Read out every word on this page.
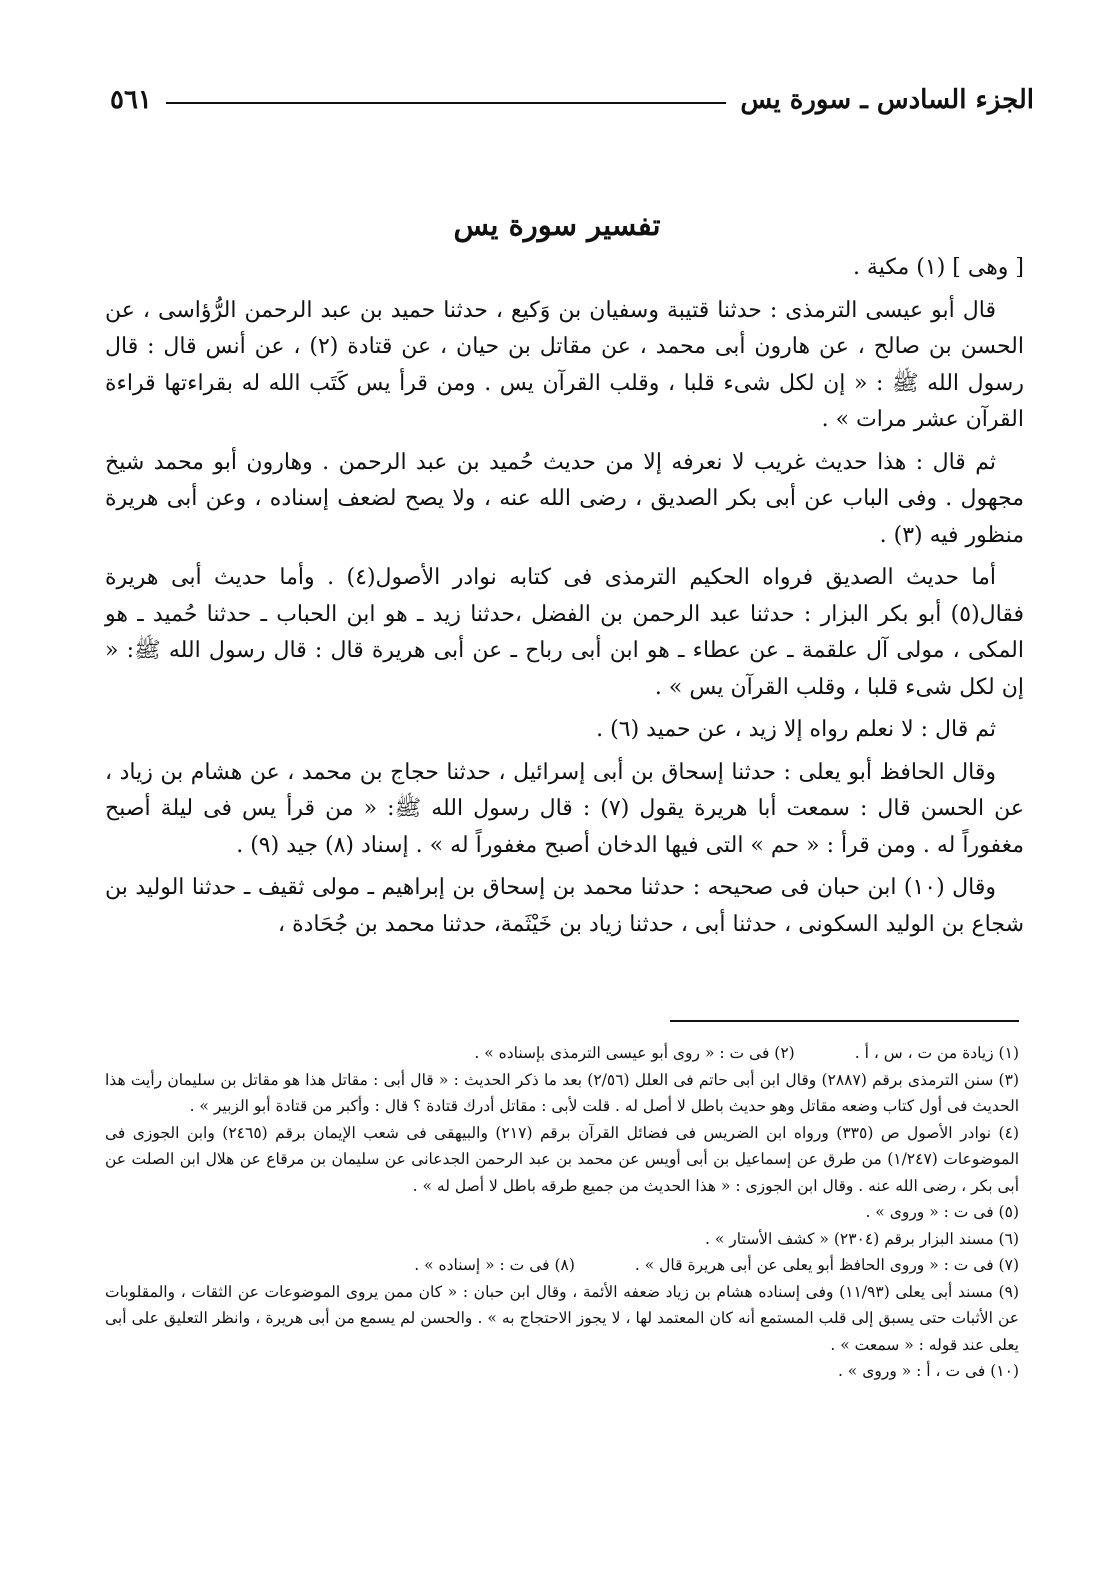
الجزء السادس ـ سورة يس
٥٦١
تفسير سورة يس

[ وهى ] (١) مكية .

قال أبو عيسى الترمذى : حدثنا قتيبة وسفيان بن وَكيع ، حدثنا حميد بن عبد الرحمن الرُّؤاسى ، عن الحسن بن صالح ، عن هارون أبى محمد ، عن مقاتل بن حيان ، عن قتادة (٢) ، عن أنس قال : قال رسول الله ﷺ : « إن لكل شىء قلبا ، وقلب القرآن يس . ومن قرأ يس كَتَب الله له بقراءتها قراءة القرآن عشر مرات » .

ثم قال : هذا حديث غريب لا نعرفه إلا من حديث حُميد بن عبد الرحمن . وهارون أبو محمد شيخ مجهول . وفى الباب عن أبى بكر الصديق ، رضى الله عنه ، ولا يصح لضعف إسناده ، وعن أبى هريرة منظور فيه (٣) .

أما حديث الصديق فرواه الحكيم الترمذى فى كتابه نوادر الأصول(٤) . وأما حديث أبى هريرة فقال(٥) أبو بكر البزار : حدثنا عبد الرحمن بن الفضل ،حدثنا زيد ـ هو ابن الحباب ـ حدثنا حُميد ـ هو المكى ، مولى آل علقمة ـ عن عطاء ـ هو ابن أبى رباح ـ عن أبى هريرة قال : قال رسول الله ﷺ: « إن لكل شىء قلبا ، وقلب القرآن يس » .

ثم قال : لا نعلم رواه إلا زيد ، عن حميد (٦) .

وقال الحافظ أبو يعلى : حدثنا إسحاق بن أبى إسرائيل ، حدثنا حجاج بن محمد ، عن هشام بن زياد ، عن الحسن قال : سمعت أبا هريرة يقول (٧) : قال رسول الله ﷺ: « من قرأ يس فى ليلة أصبح مغفوراً له . ومن قرأ : « حم » التى فيها الدخان أصبح مغفوراً له » . إسناد (٨) جيد (٩) .

وقال (١٠) ابن حبان فى صحيحه : حدثنا محمد بن إسحاق بن إبراهيم ـ مولى ثقيف ـ حدثنا الوليد بن شجاع بن الوليد السكونى ، حدثنا أبى ، حدثنا زياد بن خَيْثَمة، حدثنا محمد بن جُحَادة ،

(١) زيادة من ت ، س ، أ .
(٢) فى ت : « روى أبو عيسى الترمذى بإسناده » .

(٣) سنن الترمذى برقم (٢٨٨٧) وقال ابن أبى حاتم فى العلل (٢/٥٦) بعد ما ذكر الحديث : « قال أبى : مقاتل هذا هو مقاتل بن سليمان رأيت هذا الحديث فى أول كتاب وضعه مقاتل وهو حديث باطل لا أصل له . قلت لأبى : مقاتل أدرك قتادة ؟ قال : وأكبر من قتادة أبو الزبير » .

(٤) نوادر الأصول ص (٣٣٥) ورواه ابن الضريس فى فضائل القرآن برقم (٢١٧) والبيهقى فى شعب الإيمان برقم (٢٤٦٥) وابن الجوزى فى الموضوعات (١/٢٤٧) من طرق عن إسماعيل بن أبى أويس عن محمد بن عبد الرحمن الجدعانى عن سليمان بن مرقاع عن هلال ابن الصلت عن أبى بكر ، رضى الله عنه . وقال ابن الجوزى : « هذا الحديث من جميع طرقه باطل لا أصل له » .

(٥) فى ت : « وروى » .

(٦) مسند البزار برقم (٢٣٠٤) « كشف الأستار » .

(٧) فى ت : « وروى الحافظ أبو يعلى عن أبى هريرة قال » .
(٨) فى ت : « إسناده » .

(٩) مسند أبى يعلى (١١/٩٣) وفى إسناده هشام بن زياد ضعفه الأئمة ، وقال ابن حبان : « كان ممن يروى الموضوعات عن الثقات ، والمقلوبات عن الأثبات حتى يسبق إلى قلب المستمع أنه كان المعتمد لها ، لا يجوز الاحتجاج به » . والحسن لم يسمع من أبى هريرة ، وانظر التعليق على أبى يعلى عند قوله : « سمعت » .

(١٠) فى ت ، أ : « وروى » .
